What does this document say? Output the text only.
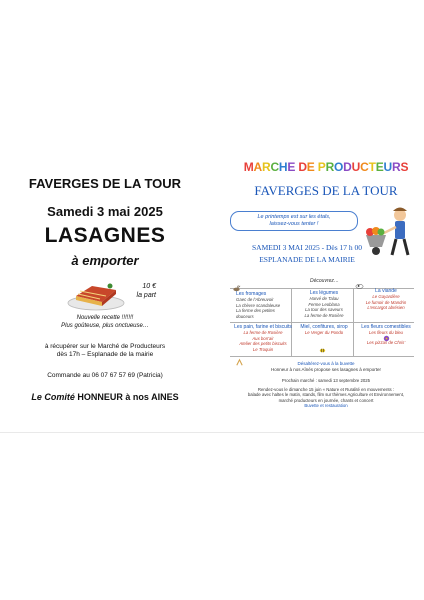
FAVERGES DE LA TOUR
Samedi 3 mai 2025
LASAGNES
à emporter
10 €
la part
Nouvelle recette !!!!!!!
Plus goûteuse, plus onctueuse…
à récupérer sur le Marché de Producteurs
dès 17h – Esplanade de la mairie
Commande au 06 07 67 57 69 (Patricia)
Le Comité HONNEUR à nos AINES
MARCHE DE PRODUCTEURS
FAVERGES DE LA TOUR
Le printemps est sur les étals,
laissez-vous tenter !
SAMEDI 3 MAI 2025 - Dès 17 h 00
ESPLANADE DE LA MAIRIE
Découvrez…
Les fromages
Gaec de l'Abreuvoir
La chèvre scandaleuse
La ferme des petites douceurs
Les légumes
Harvé de Talau
Ferme Leoblana
La tour des saveurs
La ferme de Rosière
La viande
Le Gayardière
Le fumoir de Mandrin
L'escargot abrésien
Les pain, farine et biscuits
La ferme de Rosière
Aux bon'air
Atelier des petits biscuits
Le Troquin
Miel, confitures, sirop
Le Verger du Pondo
Les fleurs comestibles
Les fleurs du bleu
Les pizzas de Chris'
Désaltérez-vous à la buvette
Honneur à nos Aînés propose ses lasagnes à emporter
Prochain marché : samedi 13 septembre 2025
Rendez-vous le dimanche 15 juin « Nature et Ruralité en mouvements :
balade avec haltes le matin, stands, film sur thèmes Agriculture et Environnement,
marché producteurs en journée, chants et concert
Buvette et restauration
